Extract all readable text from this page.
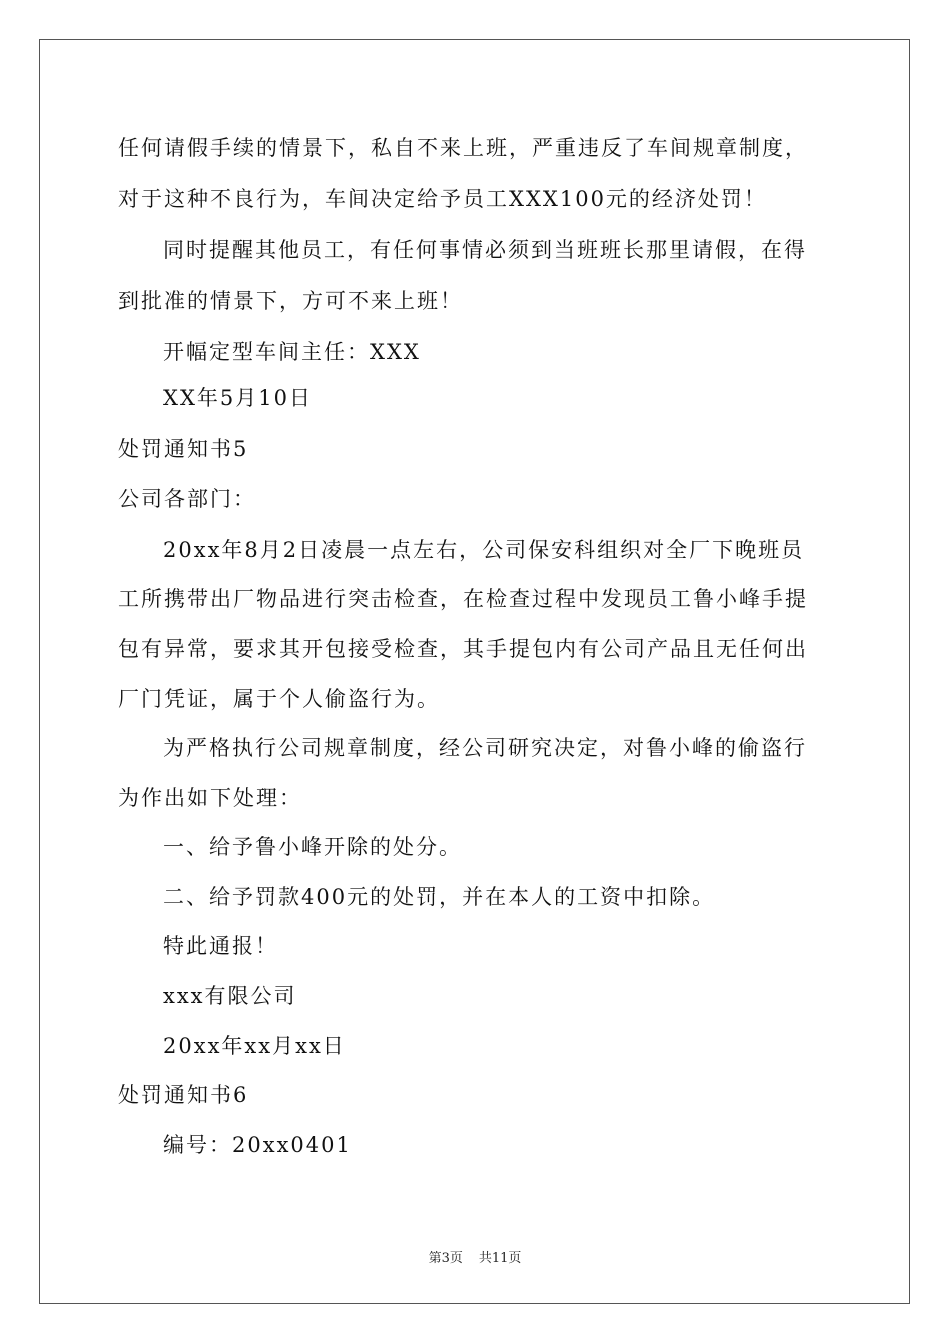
任何请假手续的情景下，私自不来上班，严重违反了车间规章制度，
对于这种不良行为，车间决定给予员工XXX100元的经济处罚！
同时提醒其他员工，有任何事情必须到当班班长那里请假，在得
到批准的情景下，方可不来上班！
开幅定型车间主任：XXX
XX年5月10日
处罚通知书5
公司各部门：
20xx年8月2日凌晨一点左右，公司保安科组织对全厂下晚班员
工所携带出厂物品进行突击检查，在检查过程中发现员工鲁小峰手提
包有异常，要求其开包接受检查，其手提包内有公司产品且无任何出
厂门凭证，属于个人偷盗行为。
为严格执行公司规章制度，经公司研究决定，对鲁小峰的偷盗行
为作出如下处理：
一、给予鲁小峰开除的处分。
二、给予罚款400元的处罚，并在本人的工资中扣除。
特此通报！
xxx有限公司
20xx年xx月xx日
处罚通知书6
编号：20xx0401
第3页 共11页
